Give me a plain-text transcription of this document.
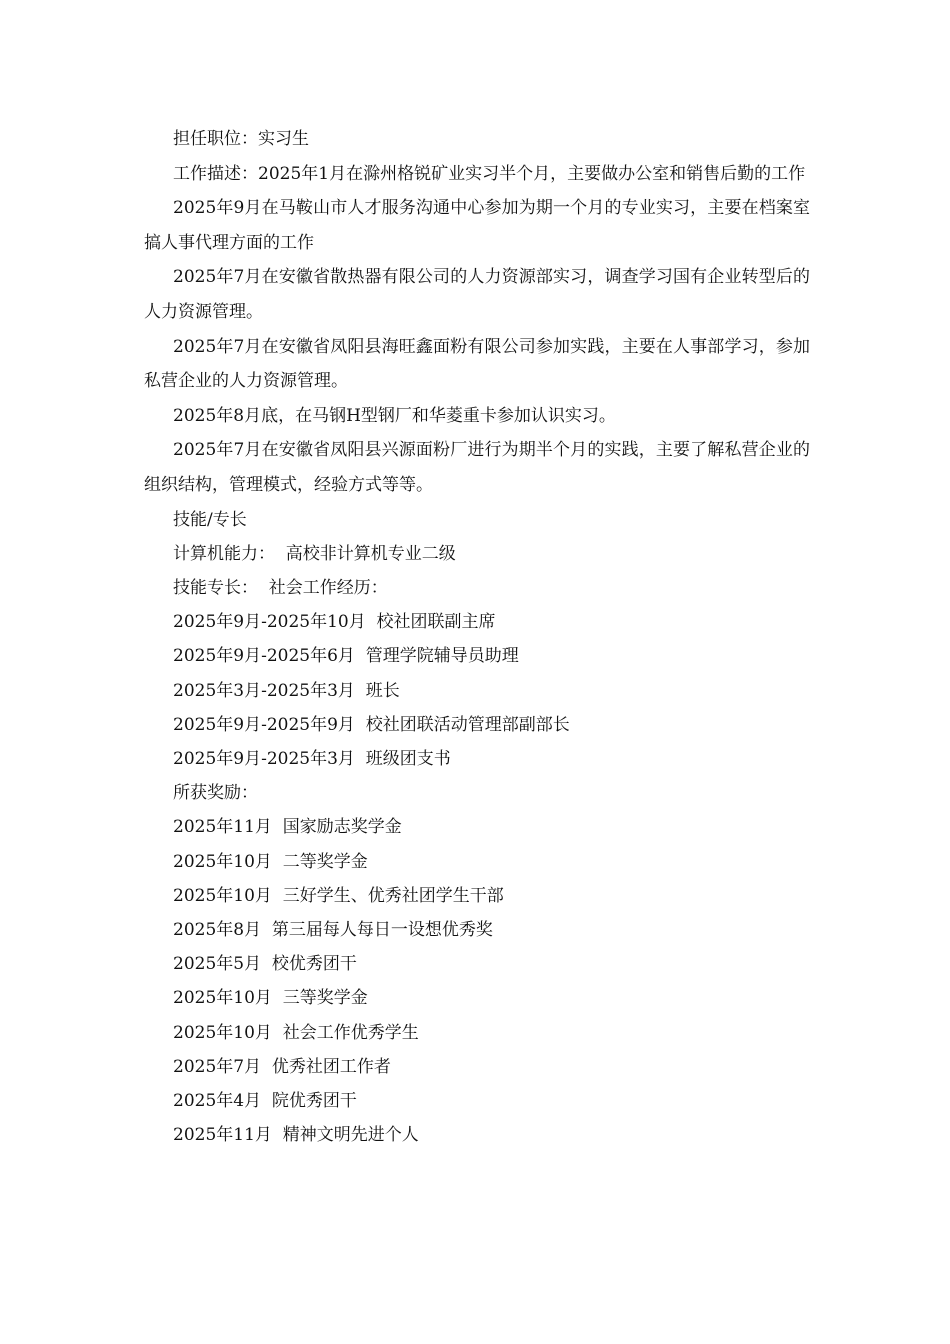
担任职位：实习生

工作描述：2025年1月在滁州格锐矿业实习半个月，主要做办公室和销售后勤的工作

2025年9月在马鞍山市人才服务沟通中心参加为期一个月的专业实习，主要在档案室搞人事代理方面的工作

2025年7月在安徽省散热器有限公司的人力资源部实习，调查学习国有企业转型后的人力资源管理。

2025年7月在安徽省凤阳县海旺鑫面粉有限公司参加实践，主要在人事部学习，参加私营企业的人力资源管理。

2025年8月底，在马钢H型钢厂和华菱重卡参加认识实习。

2025年7月在安徽省凤阳县兴源面粉厂进行为期半个月的实践，主要了解私营企业的组织结构，管理模式，经验方式等等。

技能/专长

计算机能力：  高校非计算机专业二级

技能专长：  社会工作经历：

2025年9月-2025年10月  校社团联副主席

2025年9月-2025年6月  管理学院辅导员助理

2025年3月-2025年3月  班长

2025年9月-2025年9月  校社团联活动管理部副部长

2025年9月-2025年3月  班级团支书

所获奖励：

2025年11月  国家励志奖学金

2025年10月  二等奖学金

2025年10月  三好学生、优秀社团学生干部

2025年8月  第三届每人每日一设想优秀奖

2025年5月  校优秀团干

2025年10月  三等奖学金

2025年10月  社会工作优秀学生

2025年7月  优秀社团工作者

2025年4月  院优秀团干

2025年11月  精神文明先进个人
